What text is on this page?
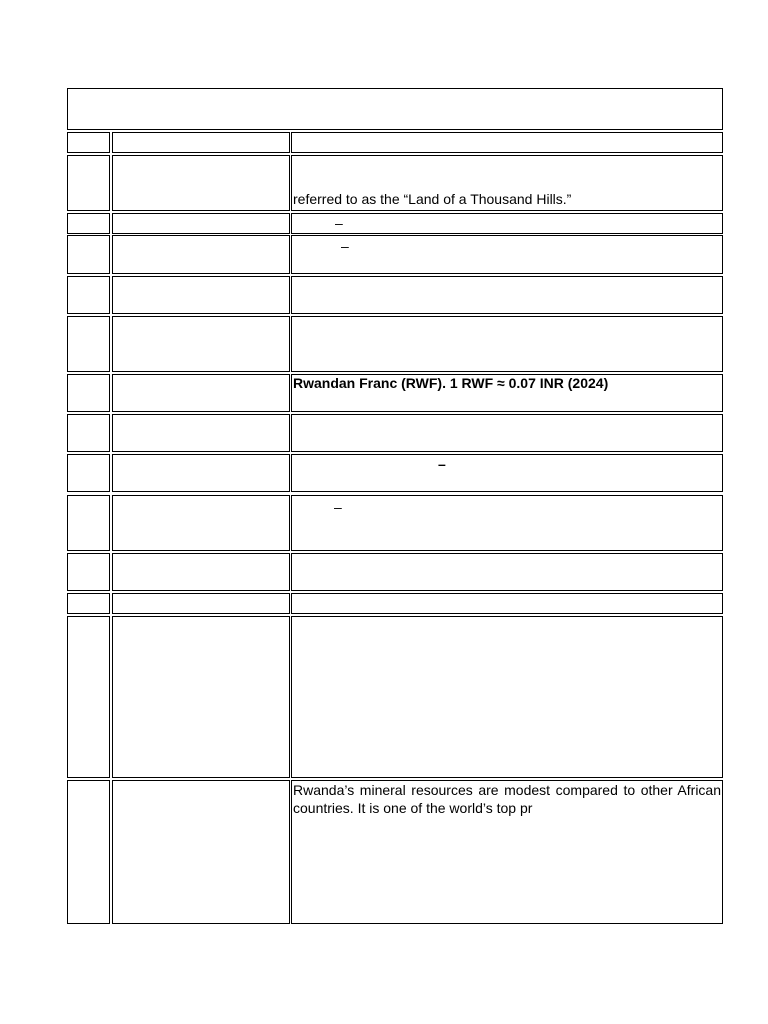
referred to as the “Land of a Thousand Hills.”
–
–
Rwandan Franc (RWF). 1 RWF ≈ 0.07 INR (2024)
–
–
Rwanda’s mineral resources are modest compared to other African countries. It is one of the world’s top pr
